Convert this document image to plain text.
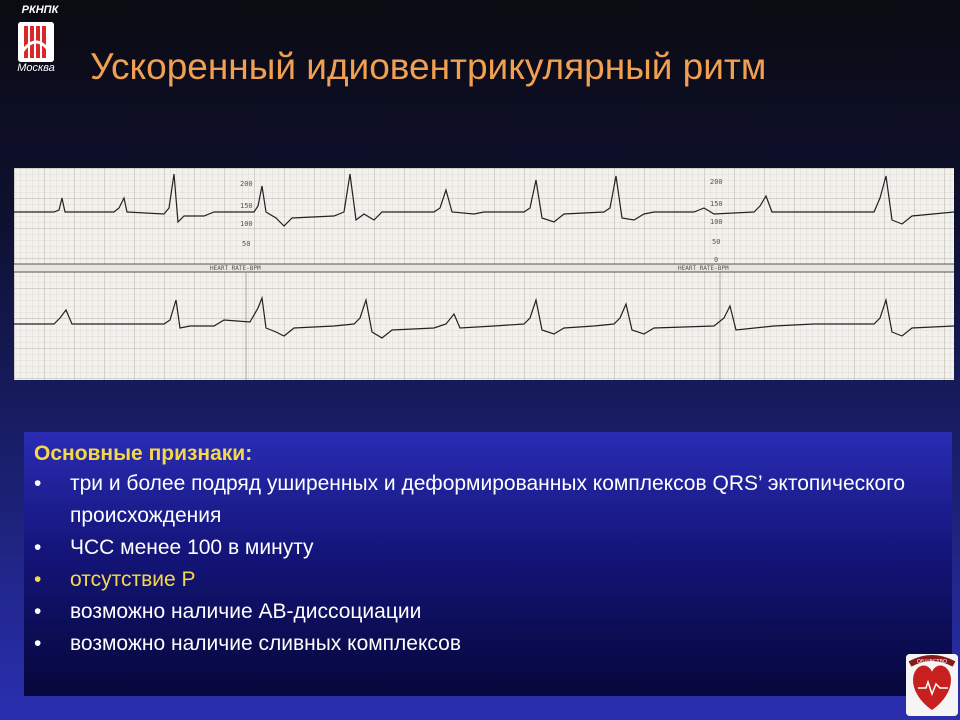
РКНПК
Москва Ускоренный идиовентрикулярный ритм
200
150
100
50
HEART RATE-BPM
200
150
100
50
0
HEART RATE-BPM
Основные признаки:
•	три и более подряд уширенных и деформированных комплексов QRS’ эктопического происхождения
•	ЧСС менее 100 в минуту
•	отсутствие Р
•	возможно наличие АВ-диссоциации
•	возможно наличие сливных комплексов
ОБЩЕСТВО
